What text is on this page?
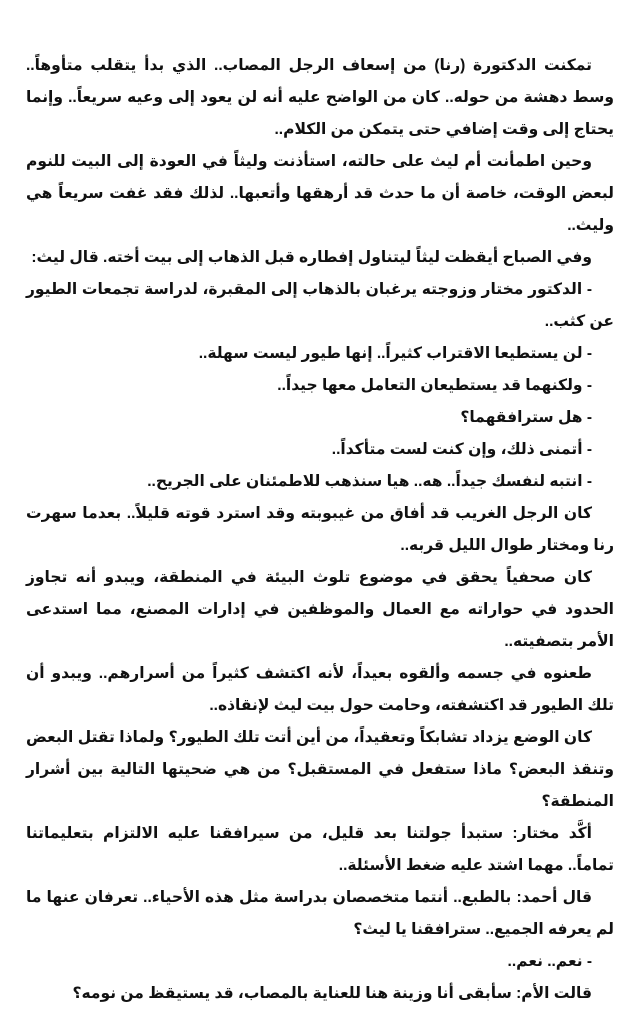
تمكنت الدكتورة (رنا) من إسعاف الرجل المصاب.. الذي بدأ يتقلب متأوهاً.. وسط دهشة من حوله.. كان من الواضح عليه أنه لن يعود إلى وعيه سريعاً.. وإنما يحتاج إلى وقت إضافي حتى يتمكن من الكلام..

وحين اطمأنت أم ليث على حالته، استأذنت وليثاً في العودة إلى البيت للنوم لبعض الوقت، خاصة أن ما حدث قد أرهقها وأتعبها.. لذلك فقد غفت سريعاً هي وليث..

وفي الصباح أيقظت ليثاً ليتناول إفطاره قبل الذهاب إلى بيت أخته. قال ليث:

- الدكتور مختار وزوجته يرغبان بالذهاب إلى المقبرة، لدراسة تجمعات الطيور عن كثب..

- لن يستطيعا الاقتراب كثيراً.. إنها طيور ليست سهلة..

- ولكنهما قد يستطيعان التعامل معها جيداً..

- هل سترافقهما؟

- أتمنى ذلك، وإن كنت لست متأكداً..

- انتبه لنفسك جيداً.. هه.. هيا سنذهب للاطمئنان على الجريح..

كان الرجل الغريب قد أفاق من غيبوبته وقد استرد قوته قليلاً.. بعدما سهرت رنا ومختار طوال الليل قربه..

كان صحفياً يحقق في موضوع تلوث البيئة في المنطقة، ويبدو أنه تجاوز الحدود في حواراته مع العمال والموظفين في إدارات المصنع، مما استدعى الأمر بتصفيته..

طعنوه في جسمه وألقوه بعيداً، لأنه اكتشف كثيراً من أسرارهم.. ويبدو أن تلك الطيور قد اكتشفته، وحامت حول بيت ليث لإنقاذه..

كان الوضع يزداد تشابكاً وتعقيداً، من أين أتت تلك الطيور؟ ولماذا تقتل البعض وتنقذ البعض؟ ماذا ستفعل في المستقبل؟ من هي ضحيتها التالية بين أشرار المنطقة؟

أكَّد مختار: ستبدأ جولتنا بعد قليل، من سيرافقنا عليه الالتزام بتعليماتنا تماماً.. مهما اشتد عليه ضغط الأسئلة..

قال أحمد: بالطبع.. أنتما متخصصان بدراسة مثل هذه الأحياء.. تعرفان عنها ما لم يعرفه الجميع.. سترافقنا يا ليث؟

- نعم.. نعم..

قالت الأم: سأبقى أنا وزينة هنا للعناية بالمصاب، قد يستيقظ من نومه؟
